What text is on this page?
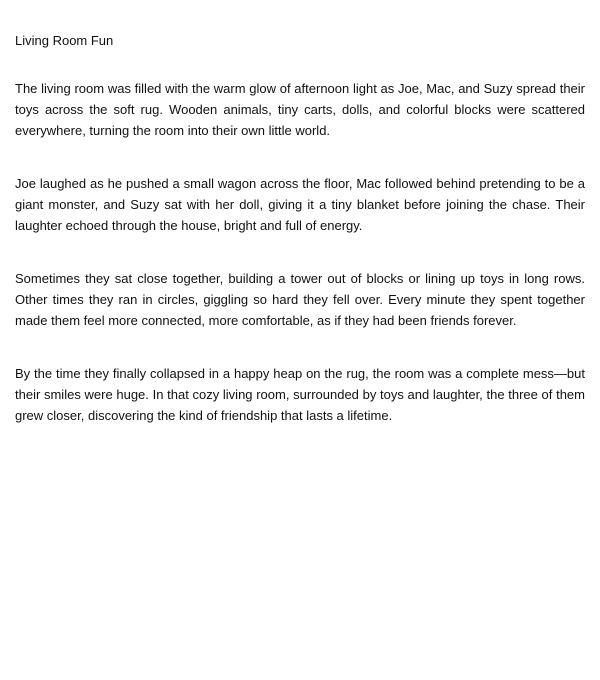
Living Room Fun

The living room was filled with the warm glow of afternoon light as Joe, Mac, and Suzy spread their toys across the soft rug. Wooden animals, tiny carts, dolls, and colorful blocks were scattered everywhere, turning the room into their own little world.

Joe laughed as he pushed a small wagon across the floor, Mac followed behind pretending to be a giant monster, and Suzy sat with her doll, giving it a tiny blanket before joining the chase. Their laughter echoed through the house, bright and full of energy.

Sometimes they sat close together, building a tower out of blocks or lining up toys in long rows. Other times they ran in circles, giggling so hard they fell over. Every minute they spent together made them feel more connected, more comfortable, as if they had been friends forever.

By the time they finally collapsed in a happy heap on the rug, the room was a complete mess—but their smiles were huge. In that cozy living room, surrounded by toys and laughter, the three of them grew closer, discovering the kind of friendship that lasts a lifetime.
